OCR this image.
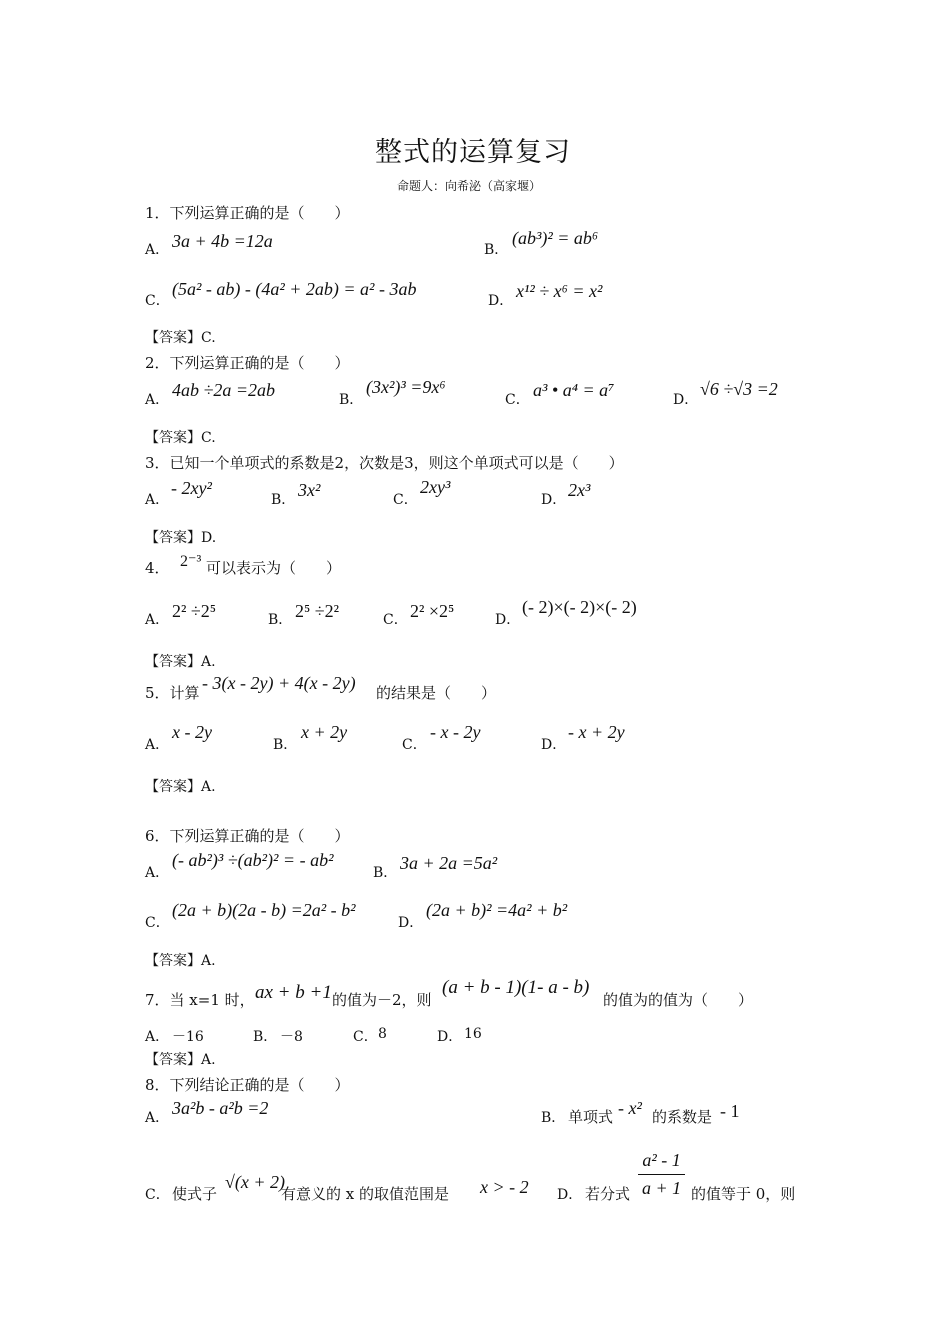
整式的运算复习
命题人：向希泌（高家堰）
1．下列运算正确的是（　　）
A． 3a + 4b =12a	B．
(ab³)² = ab⁶
C．
(5a² - ab) - (4a² + 2ab) = a² - 3ab
D． x¹² ÷ x⁶ = x²
【答案】C.
2．下列运算正确的是（　　）
A． 4ab ÷2a =2ab	B．
(3x²)³ =9x⁶
C． a³ • a⁴ = a⁷	D．
√6 ÷√3 =2
【答案】C.
3．已知一个单项式的系数是2，次数是3，则这个单项式可以是（　　）
A．
- 2xy²
B． 3x²	C．
2xy³
D． 2x³
【答案】D.
4． 2⁻³ 可以表示为（　　）
A． 2² ÷2⁵	B． 2⁵ ÷2²	C． 2² ×2⁵	D．
(- 2)×(- 2)×(- 2)
【答案】A.
5．计算 - 3(x - 2y) + 4(x - 2y) 的结果是（　　）
A．
x - 2y
B．
x + 2y
C．
- x - 2y
D．
- x + 2y
【答案】A.
6．下列运算正确的是（　　）
A．
(- ab²)³ ÷(ab²)² = - ab²
B． 3a + 2a =5a²
C．
(2a + b)(2a - b) =2a² - b²
D．
(2a + b)² =4a² + b²
【答案】A.
7．当 x=1 时， ax + b +1 的值为－2，则
(a + b - 1)(1- a - b)
的值为的值为（　　）
A． －16	B． －8	C． 8	D． 16
【答案】A.
8．下列结论正确的是（　　）
A． 3a²b - a²b =2	B． 单项式 - x² 的系数是 - 1
C． 使式子
√(x + 2)
有意义的 x 的取值范围是 x > - 2 D． 若分式 $\frac{\text{a² - 1}}{a + 1}$ 的值等于 0，则
